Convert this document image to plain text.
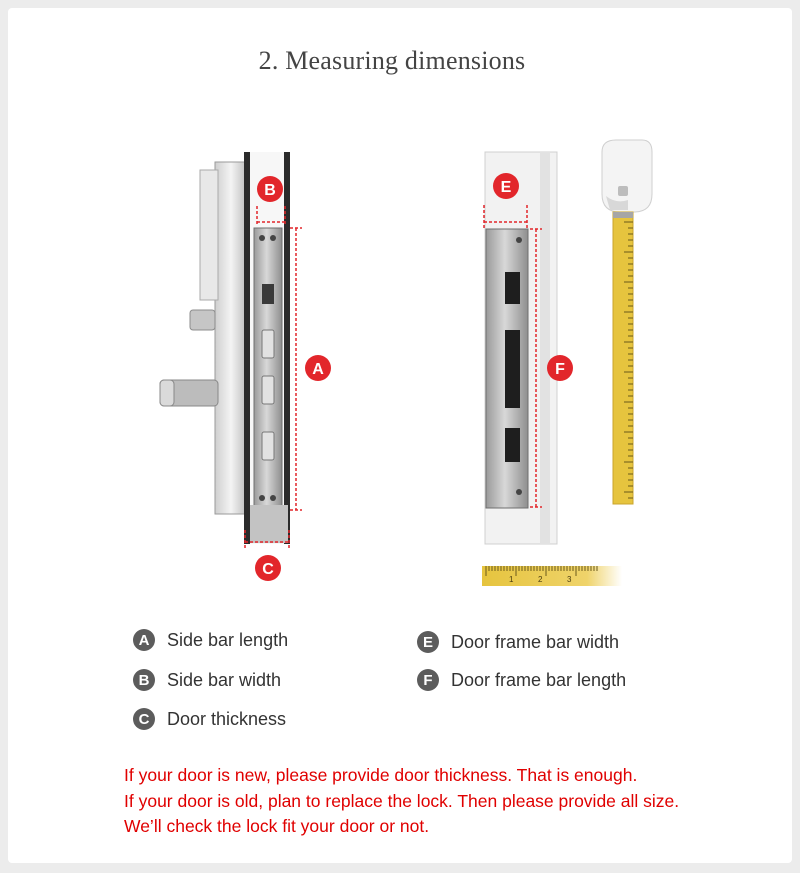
2. Measuring dimensions
B
A
C
E
F
1	2	3
A Side bar length
B Side bar width
C Door thickness
E	Door frame bar width
F	Door frame bar length
If your door is new, please provide door thickness. That is enough.
If your door is old, plan to replace the lock. Then please provide all size.
We’ll check the lock fit your door or not.
